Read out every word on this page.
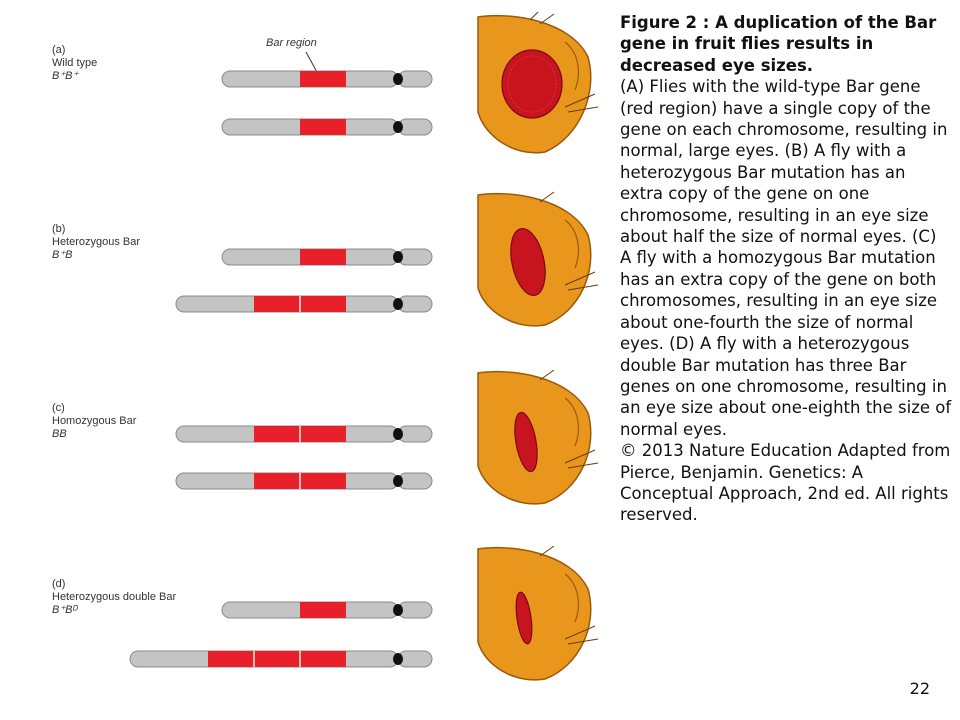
(a)
Wild type
B⁺B⁺
(b)
Heterozygous Bar
B⁺B
(c)
Homozygous Bar
BB
(d)
Heterozygous double Bar
B⁺Bᴰ
Bar region

Figure 2 : A duplication of the Bar gene in fruit flies results in decreased eye sizes.

(A) Flies with the wild-type Bar gene (red region) have a single copy of the gene on each chromosome, resulting in normal, large eyes. (B) A fly with a heterozygous Bar mutation has an extra copy of the gene on one chromosome, resulting in an eye size about half the size of normal eyes. (C) A fly with a homozygous Bar mutation has an extra copy of the gene on both chromosomes, resulting in an eye size about one-fourth the size of normal eyes. (D) A fly with a heterozygous double Bar mutation has three Bar genes on one chromosome, resulting in an eye size about one-eighth the size of normal eyes.

© 2013 Nature Education Adapted from Pierce, Benjamin. Genetics: A Conceptual Approach, 2nd ed. All rights reserved.

22
